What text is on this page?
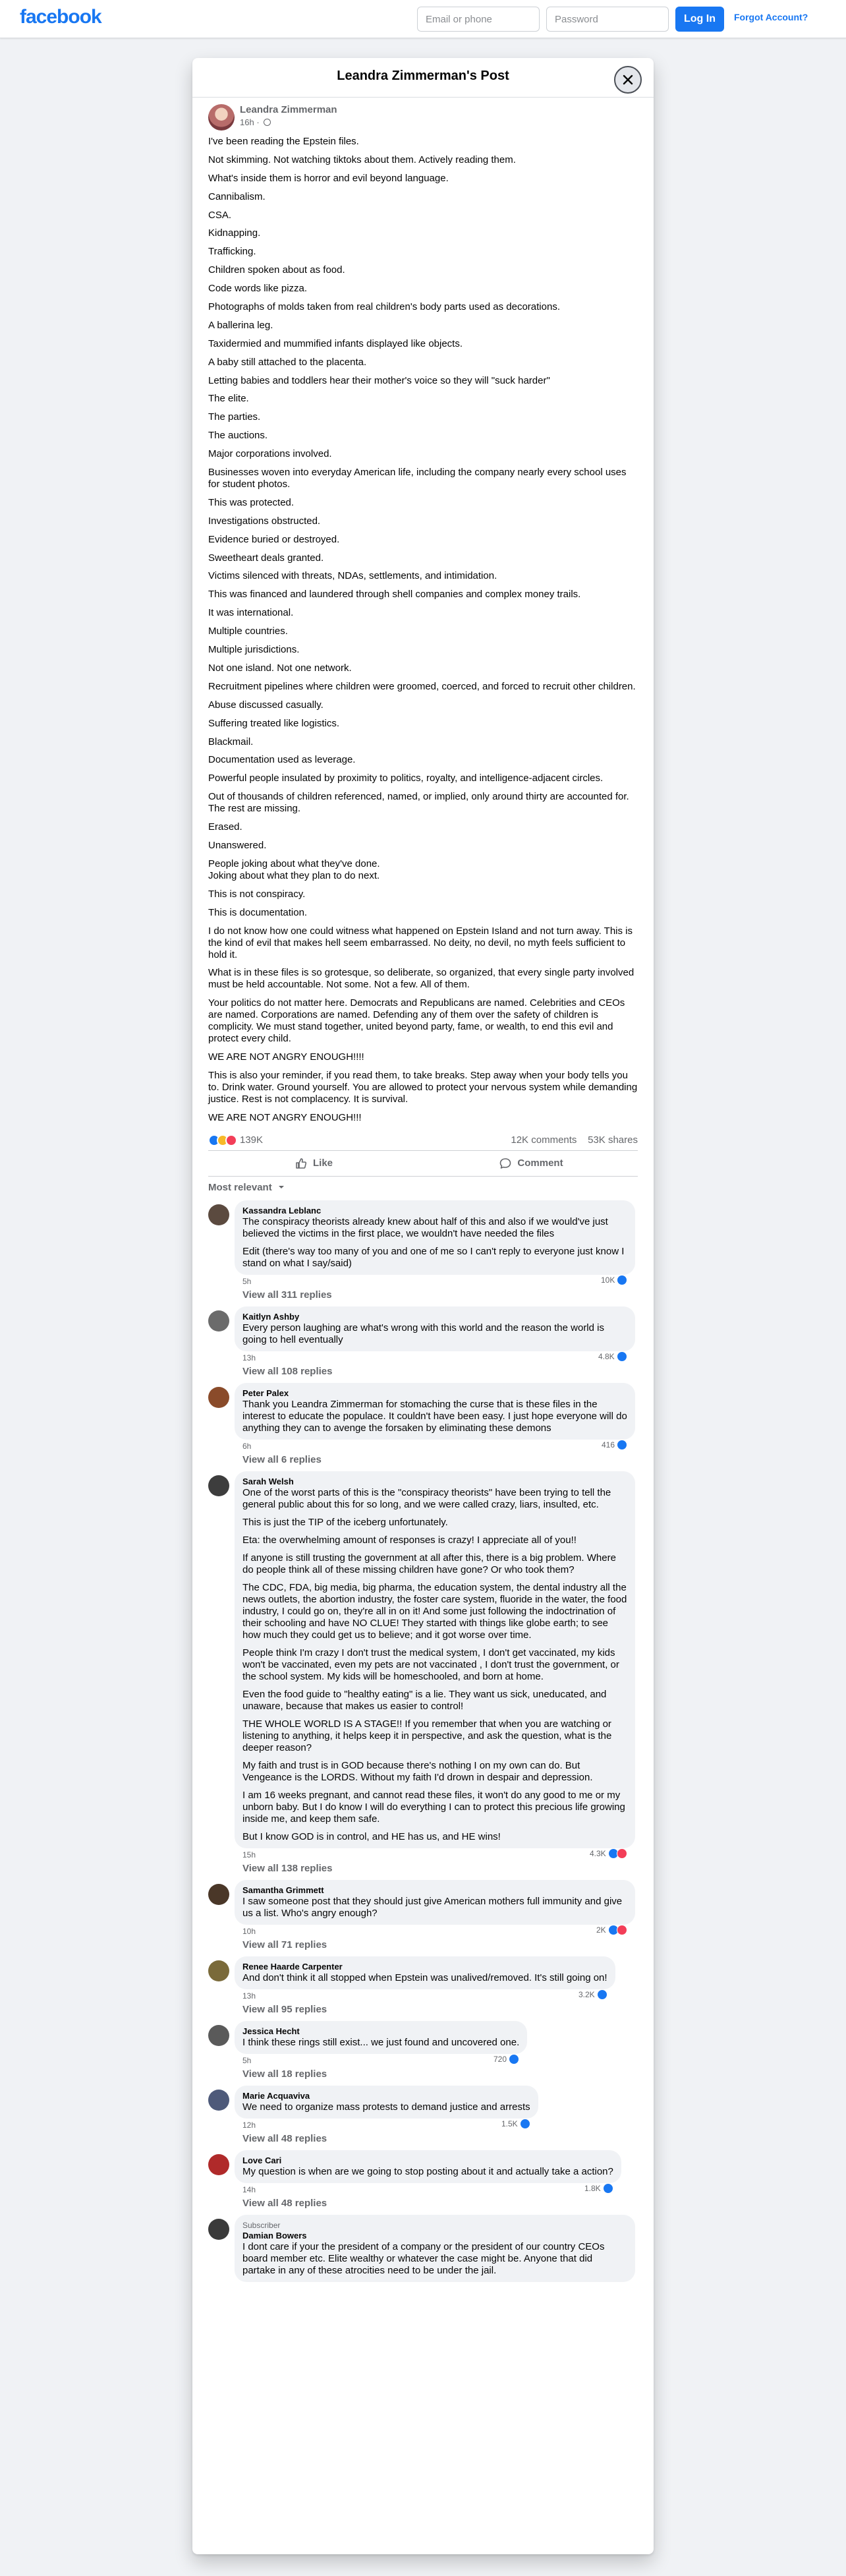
facebook
Email or phone	Log In	Forgot Account?
Leandra Zimmerman's Post
Leandra Zimmerman
16h ·

I've been reading the Epstein files.

Not skimming. Not watching tiktoks about them. Actively reading them.

What's inside them is horror and evil beyond language.

Cannibalism.

CSA.

Kidnapping.

Trafficking.

Children spoken about as food.

Code words like pizza.

Photographs of molds taken from real children's body parts used as decorations.

A ballerina leg.

Taxidermied and mummified infants displayed like objects.

A baby still attached to the placenta.

Letting babies and toddlers hear their mother's voice so they will "suck harder"

The elite.

The parties.

The auctions.

Major corporations involved.

Businesses woven into everyday American life, including the company nearly every school uses for student photos.

This was protected.

Investigations obstructed.

Evidence buried or destroyed.

Sweetheart deals granted.

Victims silenced with threats, NDAs, settlements, and intimidation.

This was financed and laundered through shell companies and complex money trails.

It was international.

Multiple countries.

Multiple jurisdictions.

Not one island. Not one network.

Recruitment pipelines where children were groomed, coerced, and forced to recruit other children.

Abuse discussed casually.

Suffering treated like logistics.

Blackmail.

Documentation used as leverage.

Powerful people insulated by proximity to politics, royalty, and intelligence-adjacent circles.

Out of thousands of children referenced, named, or implied, only around thirty are accounted for.
The rest are missing.

Erased.

Unanswered.

People joking about what they've done.
Joking about what they plan to do next.

This is not conspiracy.

This is documentation.

I do not know how one could witness what happened on Epstein Island and not turn away. This is the kind of evil that makes hell seem embarrassed. No deity, no devil, no myth feels sufficient to hold it.

What is in these files is so grotesque, so deliberate, so organized, that every single party involved must be held accountable. Not some. Not a few. All of them.

Your politics do not matter here. Democrats and Republicans are named. Celebrities and CEOs are named. Corporations are named. Defending any of them over the safety of children is complicity. We must stand together, united beyond party, fame, or wealth, to end this evil and protect every child.

WE ARE NOT ANGRY ENOUGH!!!!

This is also your reminder, if you read them, to take breaks. Step away when your body tells you to. Drink water. Ground yourself. You are allowed to protect your nervous system while demanding justice. Rest is not complacency. It is survival.

WE ARE NOT ANGRY ENOUGH!!!

139K	12K comments 53K shares
Like	Comment
Most relevant
Kassandra Leblanc

The conspiracy theorists already knew about half of this and also if we would've just believed the victims in the first place, we wouldn't have needed the files

Edit (there's way too many of you and one of me so I can't reply to everyone just know I stand on what I say/said)

5h	10K
View all 311 replies
Kaitlyn Ashby

Every person laughing are what's wrong with this world and the reason the world is going to hell eventually

13h	4.8K
View all 108 replies
Peter Palex

Thank you Leandra Zimmerman for stomaching the curse that is these files in the interest to educate the populace. It couldn't have been easy. I just hope everyone will do anything they can to avenge the forsaken by eliminating these demons

6h	416
View all 6 replies
Sarah Welsh

One of the worst parts of this is the "conspiracy theorists" have been trying to tell the general public about this for so long, and we were called crazy, liars, insulted, etc.

This is just the TIP of the iceberg unfortunately.

Eta: the overwhelming amount of responses is crazy! I appreciate all of you!!

If anyone is still trusting the government at all after this, there is a big problem. Where do people think all of these missing children have gone? Or who took them?

The CDC, FDA, big media, big pharma, the education system, the dental industry all the news outlets, the abortion industry, the foster care system, fluoride in the water, the food industry, I could go on, they're all in on it! And some just following the indoctrination of their schooling and have NO CLUE! They started with things like globe earth; to see how much they could get us to believe; and it got worse over time.

People think I'm crazy I don't trust the medical system, I don't get vaccinated, my kids won't be vaccinated, even my pets are not vaccinated , I don't trust the government, or the school system. My kids will be homeschooled, and born at home.

Even the food guide to "healthy eating" is a lie. They want us sick, uneducated, and unaware, because that makes us easier to control!

THE WHOLE WORLD IS A STAGE!! If you remember that when you are watching or listening to anything, it helps keep it in perspective, and ask the question, what is the deeper reason?

My faith and trust is in GOD because there's nothing I on my own can do. But Vengeance is the LORDS. Without my faith I'd drown in despair and depression.

I am 16 weeks pregnant, and cannot read these files, it won't do any good to me or my unborn baby. But I do know I will do everything I can to protect this precious life growing inside me, and keep them safe.

But I know GOD is in control, and HE has us, and HE wins!

15h	4.3K
View all 138 replies
Samantha Grimmett

I saw someone post that they should just give American mothers full immunity and give us a list. Who's angry enough?

10h	2K
View all 71 replies
Renee Haarde Carpenter

And don't think it all stopped when Epstein was unalived/removed. It's still going on!

13h	3.2K
View all 95 replies
Jessica Hecht

I think these rings still exist... we just found and uncovered one.

5h	720
View all 18 replies
Marie Acquaviva

We need to organize mass protests to demand justice and arrests

12h	1.5K
View all 48 replies
Love Cari

My question is when are we going to stop posting about it and actually take a action?

14h	1.8K
View all 48 replies
Subscriber
Damian Bowers

I dont care if your the president of a company or the president of our country CEOs board member etc. Elite wealthy or whatever the case might be. Anyone that did partake in any of these atrocities need to be under the jail.
